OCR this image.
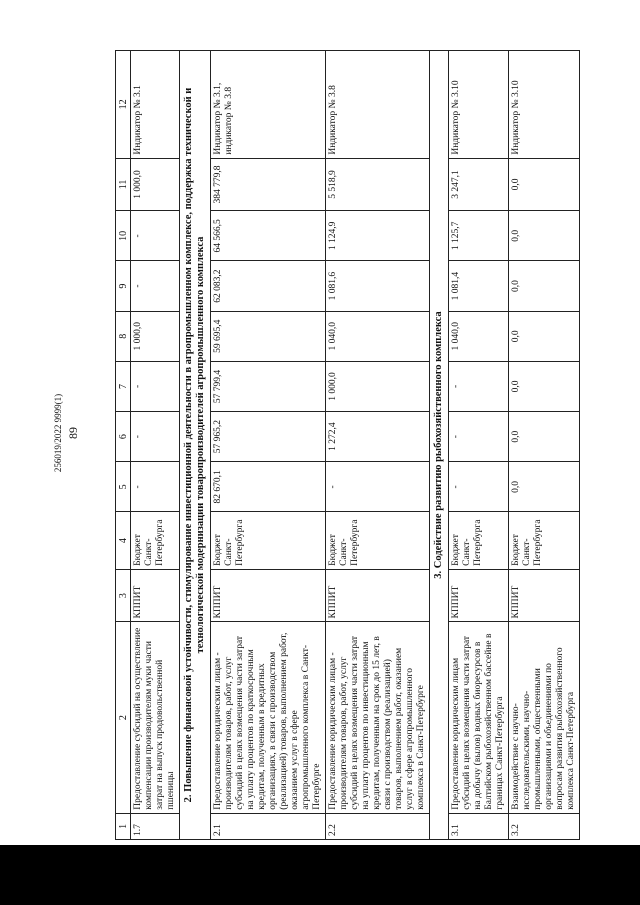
256019/2022 9999(1) 89
1	2	3	4	5	6	7	8	9	10	11	12
1.7	Предоставление субсидий на осуществление компенсации производителям муки части затрат на выпуск продовольственной пшеницы	КППИТ	Бюджет Санкт-Петербурга	-	-	-	1 000,0	-	-	1 000,0	Индикатор № 3.1
2. Повышение финансовой устойчивости, стимулирование инвестиционной деятельности в агропромышленном комплексе, поддержка технической и технологической модернизации товаропроизводителей агропромышленного комплекса											
2.1	Предоставление юридическим лицам - производителям товаров, работ, услуг субсидий в целях возмещения части затрат на уплату процентов по краткосрочным кредитам, полученным в кредитных организациях, в связи с производством (реализацией) товаров, выполнением работ, оказанием услуг в сфере агропромышленного комплекса в Санкт-Петербурге	КППИТ	Бюджет Санкт-Петербурга	82 670,1	57 965,2	57 799,4	59 695,4	62 083,2	64 566,5	384 779,8	Индикатор № 3.1, индикатор № 3.8
2.2	Предоставление юридическим лицам - производителям товаров, работ, услуг субсидий в целях возмещения части затрат на уплату процентов по инвестиционным кредитам, полученным на срок до 15 лет, в связи с производством (реализацией) товаров, выполнением работ, оказанием услуг в сфере агропромышленного комплекса в Санкт-Петербурге	КППИТ	Бюджет Санкт-Петербурга	-	1 272,4	1 000,0	1 040,0	1 081,6	1 124,9	5 518,9	Индикатор № 3.8
3. Содействие развитию рыбохозяйственного комплекса											
3.1	Предоставление юридическим лицам субсидий в целях возмещения части затрат на добычу (вылов) водных биоресурсов в Балтийском рыбохозяйственном бассейне в границах Санкт-Петербурга	КППИТ	Бюджет Санкт-Петербурга	-	-	-	1 040,0	1 081,4	1 125,7	3 247,1	Индикатор № 3.10
3.2	Взаимодействие с научно-исследовательскими, научно-промышленными, общественными организациями и объединениями по вопросам развития рыбохозяйственного комплекса Санкт-Петербурга	КППИТ	Бюджет Санкт-Петербурга	0,0	0,0	0,0	0,0	0,0	0,0	0,0	Индикатор № 3.10
